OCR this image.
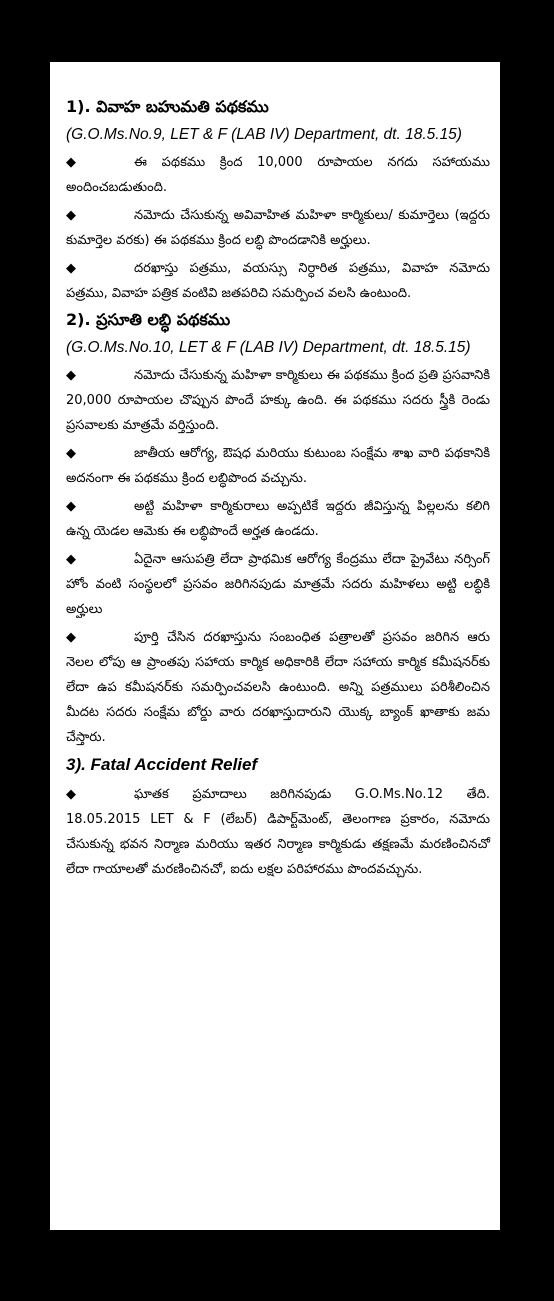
1). వివాహ బహుమతి పథకము
(G.O.Ms.No.9, LET & F (LAB IV) Department, dt. 18.5.15)
◆	ఈ పథకము క్రింద 10,000 రూపాయల నగదు సహాయము అందించబడుతుంది.
◆	నమోదు చేసుకున్న అవివాహిత మహిళా కార్మికులు/ కుమార్తెలు (ఇద్దరు కుమార్తెల వరకు) ఈ పథకము క్రింద లబ్ధి పొందడానికి అర్హులు.
◆	దరఖాస్తు పత్రము, వయస్సు నిర్ధారిత పత్రము, వివాహ నమోదు పత్రము, వివాహ పత్రిక వంటివి జతపరిచి సమర్పించ వలసి ఉంటుంది.
2). ప్రసూతి లబ్ధి పథకము
(G.O.Ms.No.10, LET & F (LAB IV) Department, dt. 18.5.15)
◆	నమోదు చేసుకున్న మహిళా కార్మికులు ఈ పథకము క్రింద ప్రతి ప్రసవానికి 20,000 రూపాయల చొప్పున పొందే హక్కు ఉంది. ఈ పథకము సదరు స్త్రీకి రెండు ప్రసవాలకు మాత్రమే వర్తిస్తుంది.
◆	జాతీయ ఆరోగ్య, ఔషధ మరియు కుటుంబ సంక్షేమ శాఖ వారి పథకానికి అదనంగా ఈ పథకము క్రింద లబ్ధిపొంద వచ్చును.
◆	అట్టి మహిళా కార్మికురాలు అప్పటికే ఇద్దరు జీవిస్తున్న పిల్లలను కలిగి ఉన్న యెడల ఆమెకు ఈ లబ్ధిపొందే అర్హత ఉండదు.
◆	ఏదైనా ఆసుపత్రి లేదా ప్రాథమిక ఆరోగ్య కేంద్రము లేదా ప్రైవేటు నర్సింగ్ హోం వంటి సంస్థలలో ప్రసవం జరిగినపుడు మాత్రమే సదరు మహిళలు అట్టి లబ్ధికి అర్హులు
◆	పూర్తి చేసిన దరఖాస్తును సంబంధిత పత్రాలతో ప్రసవం జరిగిన ఆరు నెలల లోపు ఆ ప్రాంతపు సహాయ కార్మిక అధికారికి లేదా సహాయ కార్మిక కమీషనర్‌కు లేదా ఉప కమీషనర్‌కు సమర్పించవలసి ఉంటుంది. అన్ని పత్రములు పరిశీలించిన మీదట సదరు సంక్షేమ బోర్డు వారు దరఖాస్తుదారుని యొక్క బ్యాంక్ ఖాతాకు జమ చేస్తారు.
3). Fatal Accident Relief
◆	ఘాతక ప్రమాదాలు జరిగినపుడు G.O.Ms.No.12 తేది. 18.05.2015 LET & F (లేబర్) డిపార్ట్‌మెంట్, తెలంగాణ ప్రకారం, నమోదు చేసుకున్న భవన నిర్మాణ మరియు ఇతర నిర్మాణ కార్మికుడు తక్షణమే మరణించినచో లేదా గాయాలతో మరణించినచో, ఐదు లక్షల పరిహారము పొందవచ్చును.
